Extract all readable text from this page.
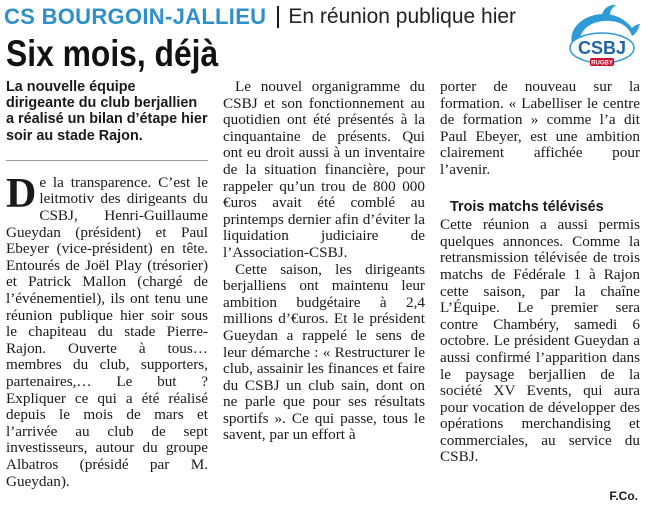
CS BOURGOIN-JALLIEU En réunion publique hier
Six mois, déjà	CSBJ
RUGBY

La nouvelle équipe dirigeante du club berjallien a réalisé un bilan d’étape hier soir au stade Rajon.

De la transparence. C’est le leitmotiv des dirigeants du CSBJ, Henri-Guillaume Gueydan (président) et Paul Ebeyer (vice-président) en tête. Entourés de Joël Play (trésorier) et Patrick Mallon (chargé de l’événementiel), ils ont tenu une réunion publique hier soir sous le chapiteau du stade Pierre-Rajon. Ouverte à tous… membres du club, supporters, partenaires,… Le but ? Expliquer ce qui a été réalisé depuis le mois de mars et l’arrivée au club de sept investisseurs, autour du groupe Albatros (présidé par M. Gueydan).

Le nouvel organigramme du CSBJ et son fonctionnement au quotidien ont été présentés à la cinquantaine de présents. Qui ont eu droit aussi à un inventaire de la situation financière, pour rappeler qu’un trou de 800 000 €uros avait été comblé au printemps dernier afin d’éviter la liquidation judiciaire de l’Association-CSBJ.

Cette saison, les dirigeants berjalliens ont maintenu leur ambition budgétaire à 2,4 millions d’€uros. Et le président Gueydan a rappelé le sens de leur démarche : « Restructurer le club, assainir les finances et faire du CSBJ un club sain, dont on ne parle que pour ses résultats sportifs ». Ce qui passe, tous le savent, par un effort à

porter de nouveau sur la formation. « Labelliser le centre de formation » comme l’a dit Paul Ebeyer, est une ambition clairement affichée pour l’avenir.

Trois matchs télévisés

Cette réunion a aussi permis quelques annonces. Comme la retransmission télévisée de trois matchs de Fédérale 1 à Rajon cette saison, par la chaîne L’Équipe. Le premier sera contre Chambéry, samedi 6 octobre. Le président Gueydan a aussi confirmé l’apparition dans le paysage berjallien de la société XV Events, qui aura pour vocation de développer des opérations merchandising et commerciales, au service du CSBJ.

F.Co.
